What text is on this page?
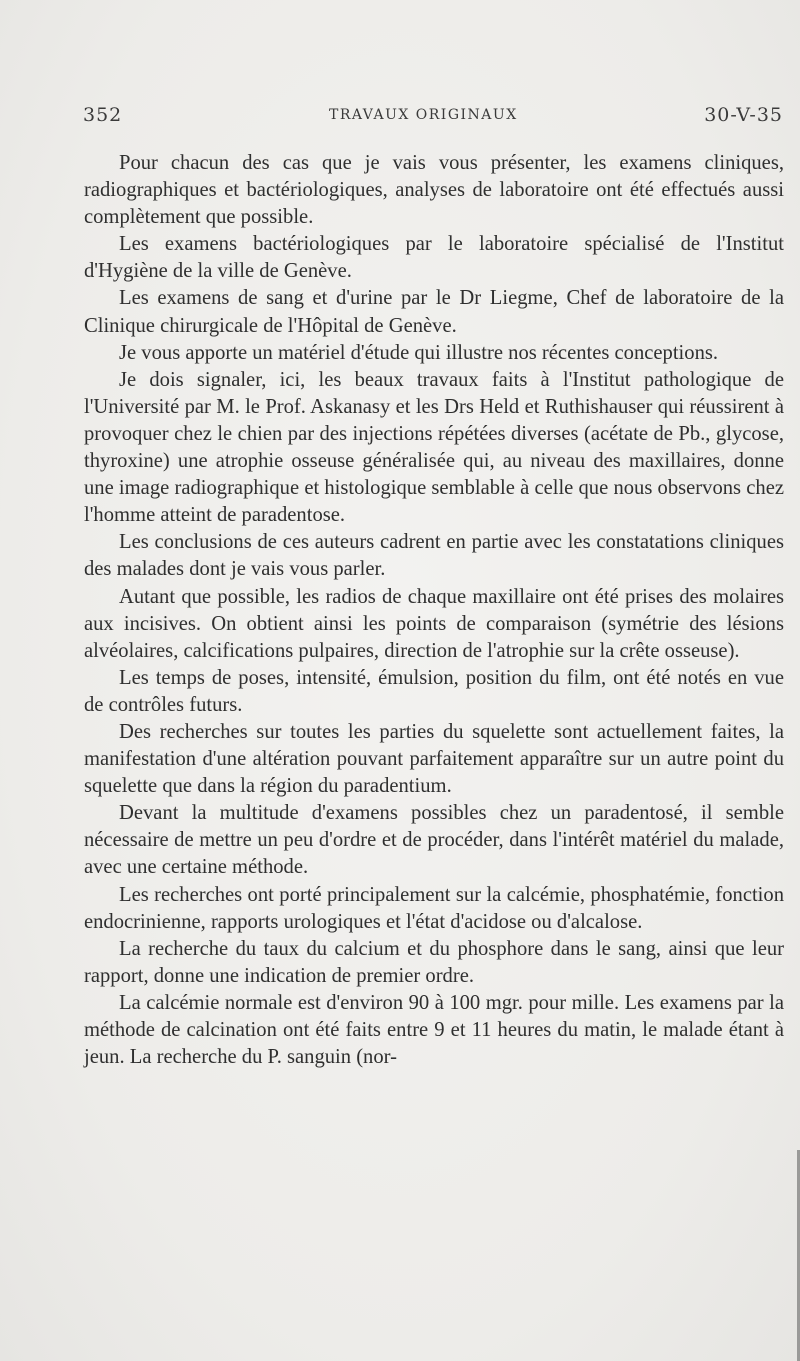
352	TRAVAUX ORIGINAUX	30-V-35

Pour chacun des cas que je vais vous présenter, les examens cliniques, radiographiques et bactériologiques, analyses de laboratoire ont été effectués aussi complètement que possible.

Les examens bactériologiques par le laboratoire spécialisé de l'Institut d'Hygiène de la ville de Genève.

Les examens de sang et d'urine par le Dr Liegme, Chef de laboratoire de la Clinique chirurgicale de l'Hôpital de Genève.

Je vous apporte un matériel d'étude qui illustre nos récentes conceptions.

Je dois signaler, ici, les beaux travaux faits à l'Institut pathologique de l'Université par M. le Prof. Askanasy et les Drs Held et Ruthishauser qui réussirent à provoquer chez le chien par des injections répétées diverses (acétate de Pb., glycose, thyroxine) une atrophie osseuse généralisée qui, au niveau des maxillaires, donne une image radiographique et histologique semblable à celle que nous observons chez l'homme atteint de paradentose.

Les conclusions de ces auteurs cadrent en partie avec les constatations cliniques des malades dont je vais vous parler.

Autant que possible, les radios de chaque maxillaire ont été prises des molaires aux incisives. On obtient ainsi les points de comparaison (symétrie des lésions alvéolaires, calcifications pulpaires, direction de l'atrophie sur la crête osseuse).

Les temps de poses, intensité, émulsion, position du film, ont été notés en vue de contrôles futurs.

Des recherches sur toutes les parties du squelette sont actuellement faites, la manifestation d'une altération pouvant parfaitement apparaître sur un autre point du squelette que dans la région du paradentium.

Devant la multitude d'examens possibles chez un paradentosé, il semble nécessaire de mettre un peu d'ordre et de procéder, dans l'intérêt matériel du malade, avec une certaine méthode.

Les recherches ont porté principalement sur la calcémie, phosphatémie, fonction endocrinienne, rapports urologiques et l'état d'acidose ou d'alcalose.

La recherche du taux du calcium et du phosphore dans le sang, ainsi que leur rapport, donne une indication de premier ordre.

La calcémie normale est d'environ 90 à 100 mgr. pour mille. Les examens par la méthode de calcination ont été faits entre 9 et 11 heures du matin, le malade étant à jeun. La recherche du P. sanguin (nor-
